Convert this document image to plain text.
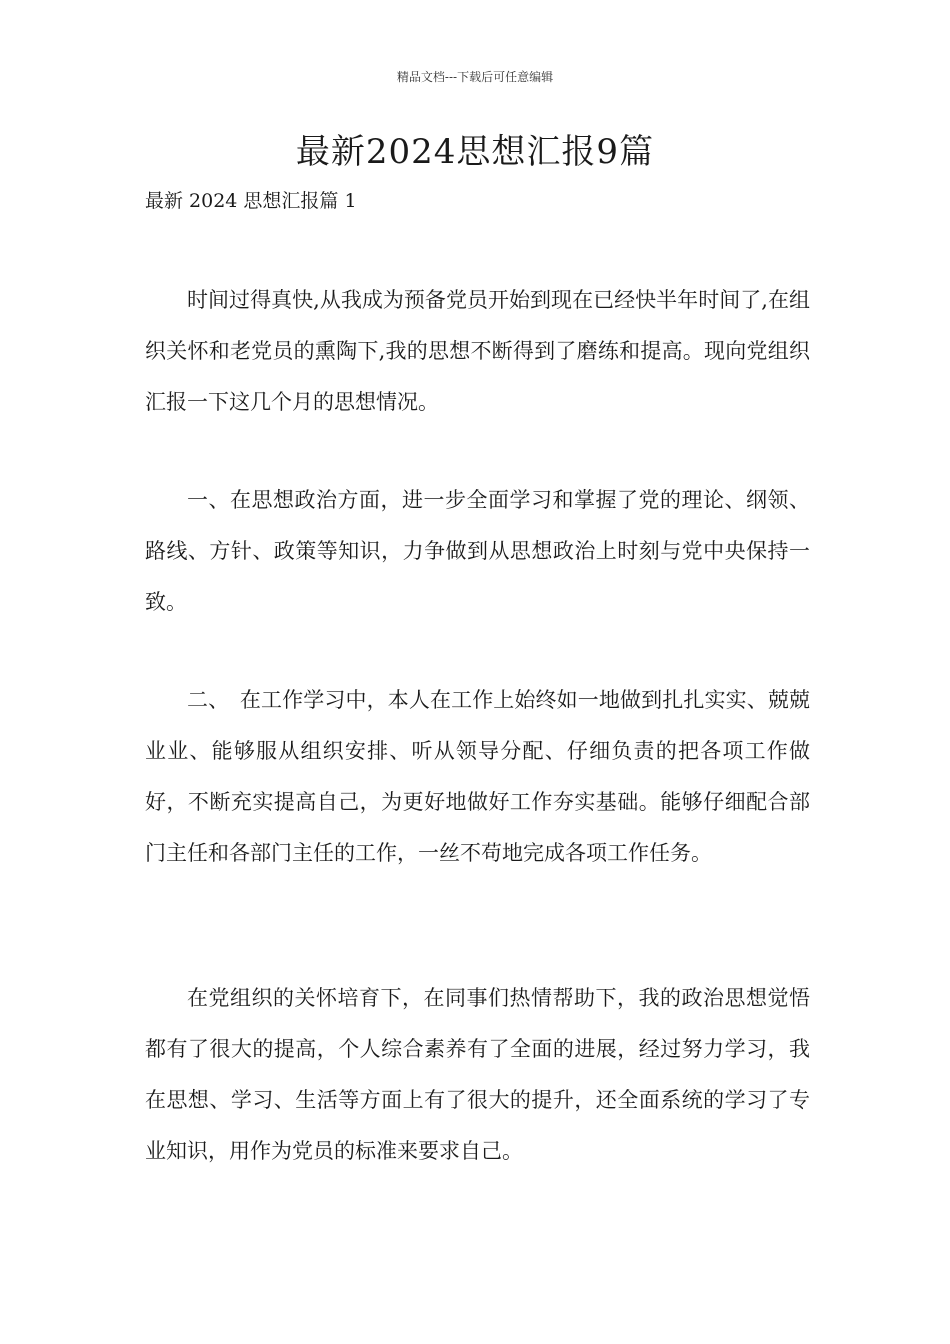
精品文档---下载后可任意编辑
最新2024思想汇报9篇
最新 2024 思想汇报篇 1

时间过得真快,从我成为预备党员开始到现在已经快半年时间了,在组织关怀和老党员的熏陶下,我的思想不断得到了磨练和提高。现向党组织汇报一下这几个月的思想情况。

一、在思想政治方面，进一步全面学习和掌握了党的理论、纲领、路线、方针、政策等知识，力争做到从思想政治上时刻与党中央保持一致。

二、　在工作学习中，本人在工作上始终如一地做到扎扎实实、兢兢业业、能够服从组织安排、听从领导分配、仔细负责的把各项工作做好，不断充实提高自己，为更好地做好工作夯实基础。能够仔细配合部门主任和各部门主任的工作，一丝不苟地完成各项工作任务。

在党组织的关怀培育下，在同事们热情帮助下，我的政治思想觉悟都有了很大的提高，个人综合素养有了全面的进展，经过努力学习，我在思想、学习、生活等方面上有了很大的提升，还全面系统的学习了专业知识，用作为党员的标准来要求自己。
